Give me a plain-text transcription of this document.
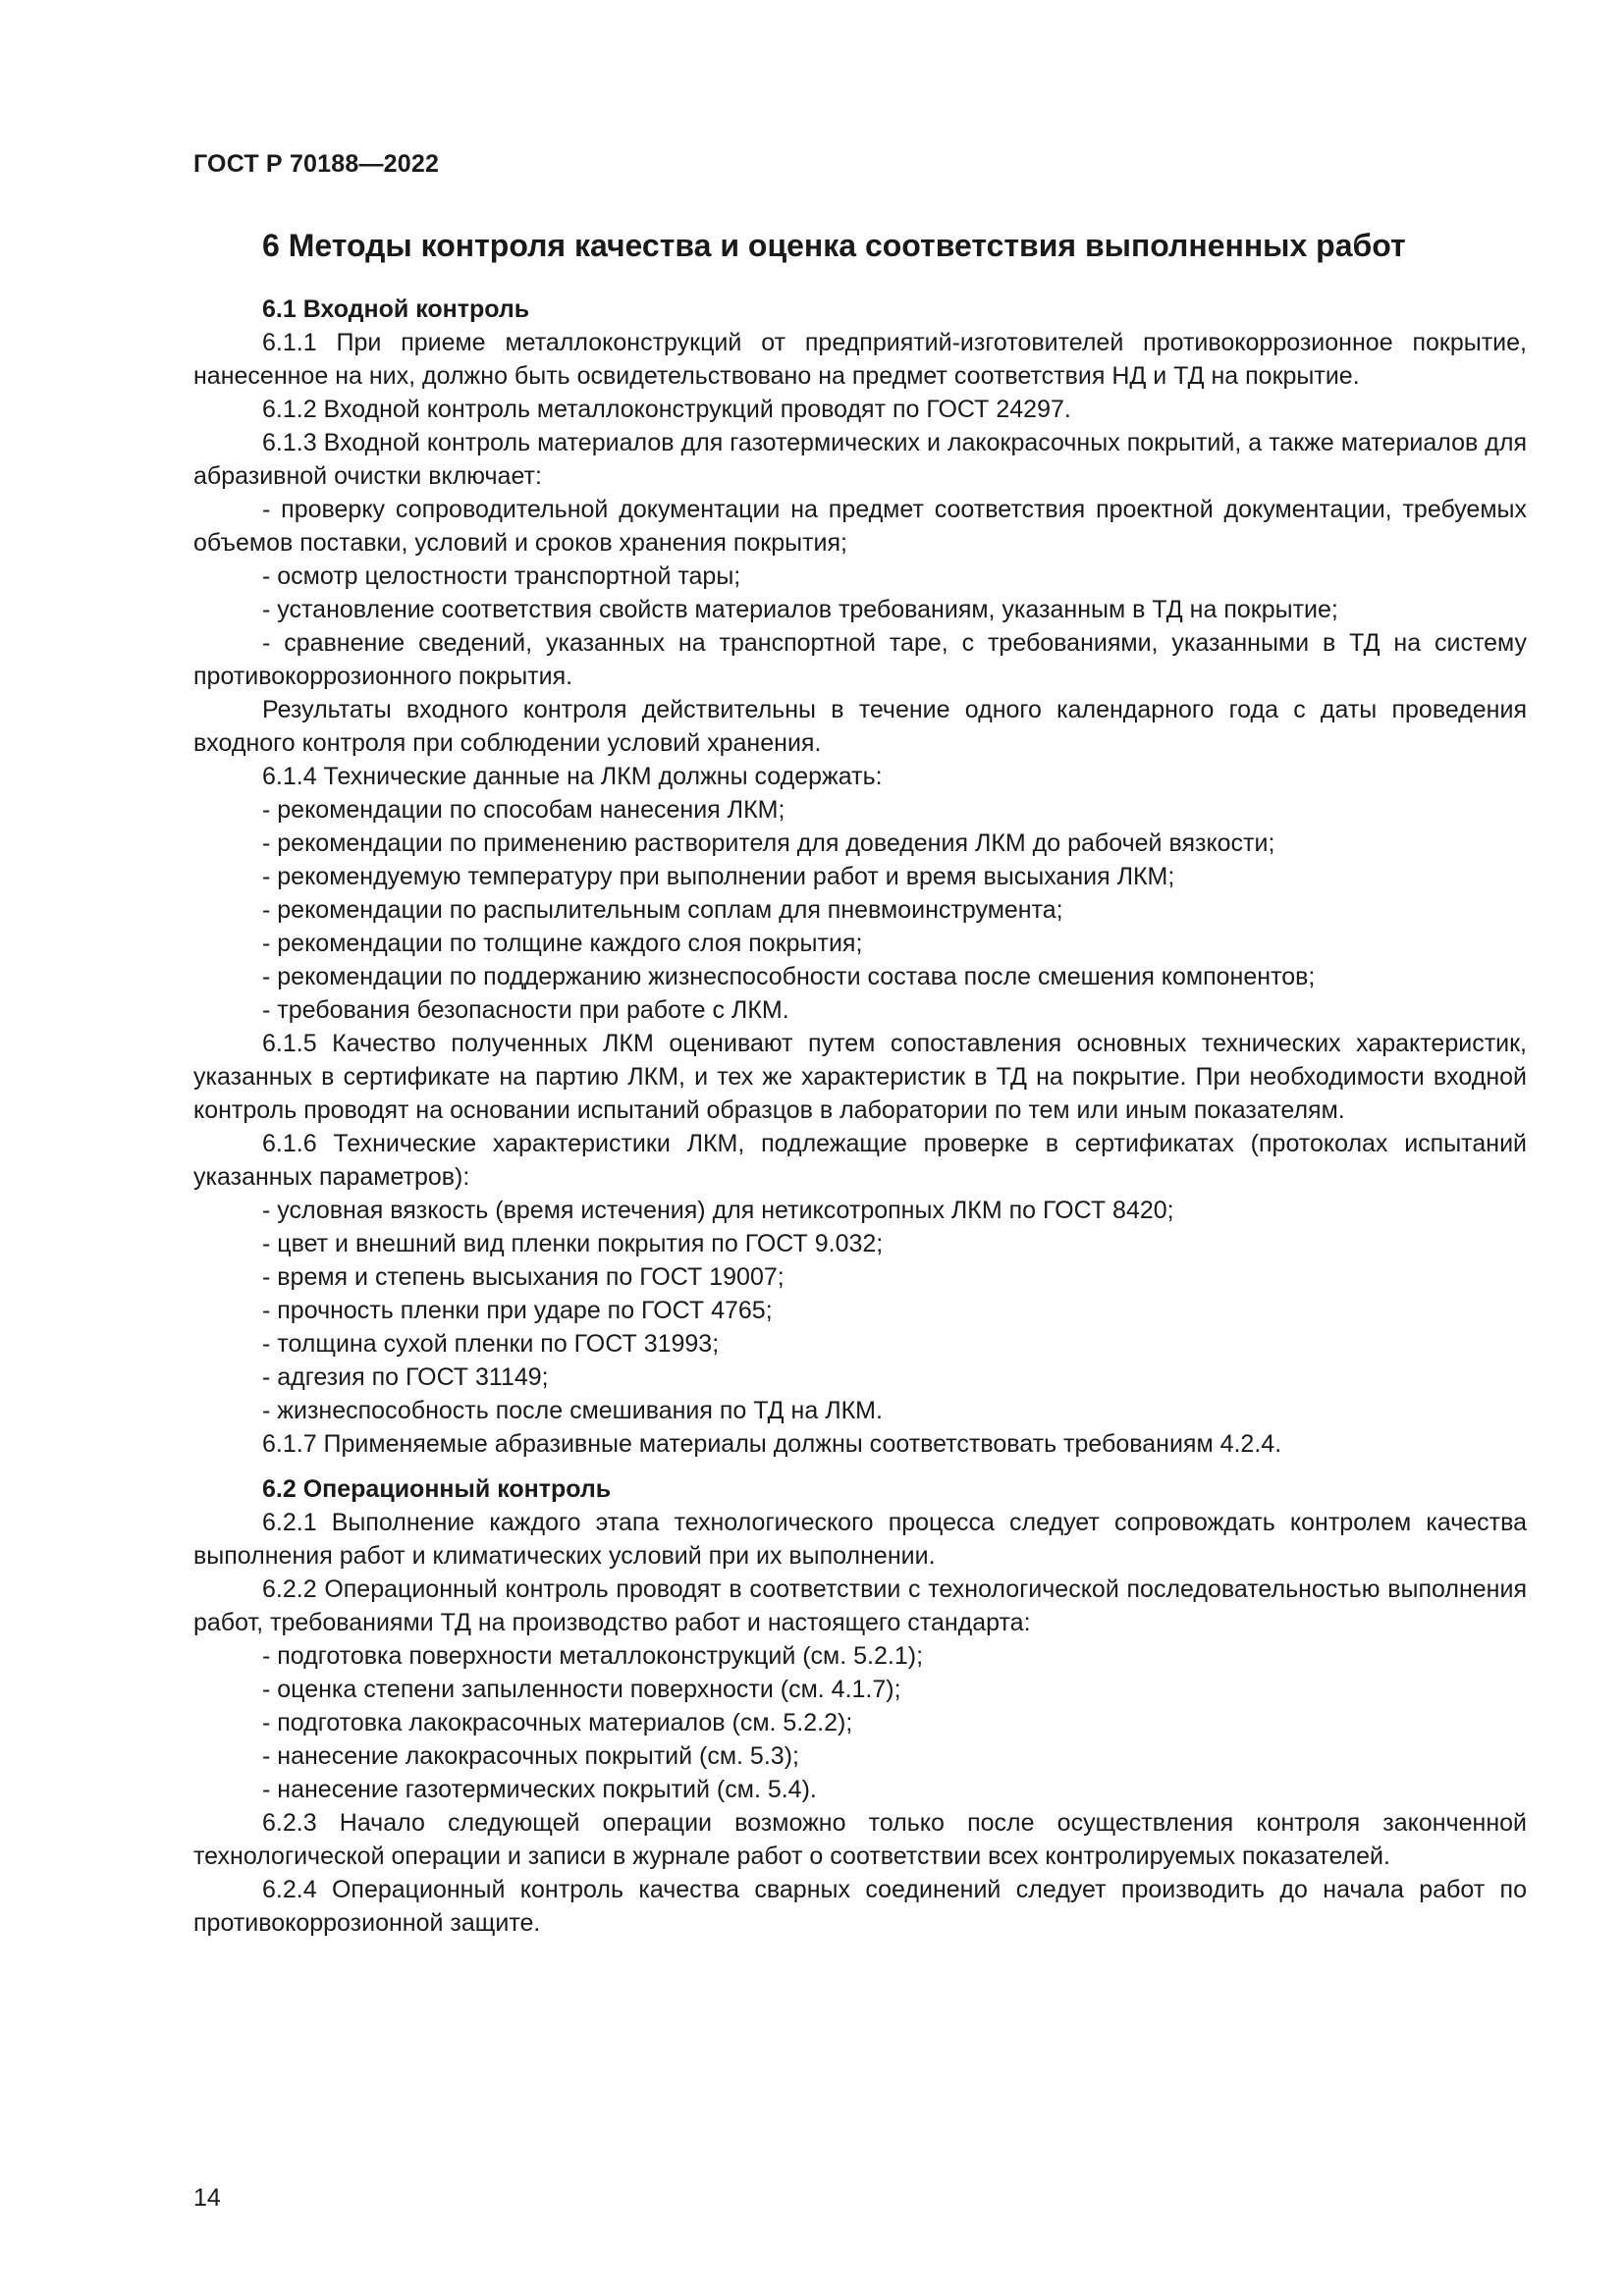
ГОСТ Р 70188—2022
6 Методы контроля качества и оценка соответствия выполненных работ

6.1 Входной контроль

6.1.1 При приеме металлоконструкций от предприятий-изготовителей противокоррозионное покрытие, нанесенное на них, должно быть освидетельствовано на предмет соответствия НД и ТД на покрытие.

6.1.2 Входной контроль металлоконструкций проводят по ГОСТ 24297.

6.1.3 Входной контроль материалов для газотермических и лакокрасочных покрытий, а также материалов для абразивной очистки включает:

- проверку сопроводительной документации на предмет соответствия проектной документации, требуемых объемов поставки, условий и сроков хранения покрытия;

- осмотр целостности транспортной тары;

- установление соответствия свойств материалов требованиям, указанным в ТД на покрытие;

- сравнение сведений, указанных на транспортной таре, с требованиями, указанными в ТД на систему противокоррозионного покрытия.

Результаты входного контроля действительны в течение одного календарного года с даты проведения входного контроля при соблюдении условий хранения.

6.1.4 Технические данные на ЛКМ должны содержать:

- рекомендации по способам нанесения ЛКМ;

- рекомендации по применению растворителя для доведения ЛКМ до рабочей вязкости;

- рекомендуемую температуру при выполнении работ и время высыхания ЛКМ;

- рекомендации по распылительным соплам для пневмоинструмента;

- рекомендации по толщине каждого слоя покрытия;

- рекомендации по поддержанию жизнеспособности состава после смешения компонентов;

- требования безопасности при работе с ЛКМ.

6.1.5 Качество полученных ЛКМ оценивают путем сопоставления основных технических характеристик, указанных в сертификате на партию ЛКМ, и тех же характеристик в ТД на покрытие. При необходимости входной контроль проводят на основании испытаний образцов в лаборатории по тем или иным показателям.

6.1.6 Технические характеристики ЛКМ, подлежащие проверке в сертификатах (протоколах испытаний указанных параметров):

- условная вязкость (время истечения) для нетиксотропных ЛКМ по ГОСТ 8420;

- цвет и внешний вид пленки покрытия по ГОСТ 9.032;

- время и степень высыхания по ГОСТ 19007;

- прочность пленки при ударе по ГОСТ 4765;

- толщина сухой пленки по ГОСТ 31993;

- адгезия по ГОСТ 31149;

- жизнеспособность после смешивания по ТД на ЛКМ.

6.1.7 Применяемые абразивные материалы должны соответствовать требованиям 4.2.4.

6.2 Операционный контроль

6.2.1 Выполнение каждого этапа технологического процесса следует сопровождать контролем качества выполнения работ и климатических условий при их выполнении.

6.2.2 Операционный контроль проводят в соответствии с технологической последовательностью выполнения работ, требованиями ТД на производство работ и настоящего стандарта:

- подготовка поверхности металлоконструкций (см. 5.2.1);

- оценка степени запыленности поверхности (см. 4.1.7);

- подготовка лакокрасочных материалов (см. 5.2.2);

- нанесение лакокрасочных покрытий (см. 5.3);

- нанесение газотермических покрытий (см. 5.4).

6.2.3 Начало следующей операции возможно только после осуществления контроля законченной технологической операции и записи в журнале работ о соответствии всех контролируемых показателей.

6.2.4 Операционный контроль качества сварных соединений следует производить до начала работ по противокоррозионной защите.

14
